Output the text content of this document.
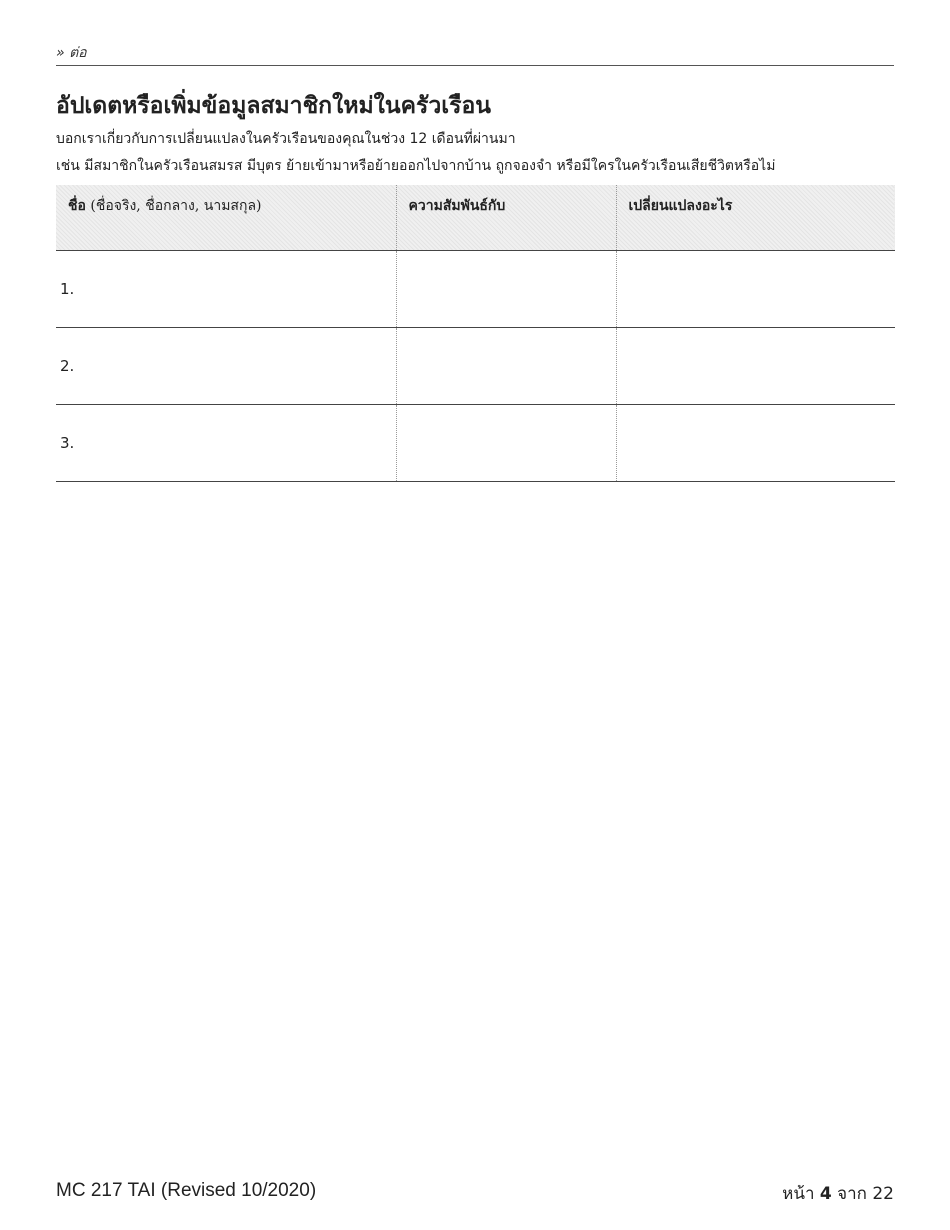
» ต่อ
อัปเดตหรือเพิ่มข้อมูลสมาชิกใหม่ในครัวเรือน
บอกเราเกี่ยวกับการเปลี่ยนแปลงในครัวเรือนของคุณในช่วง 12 เดือนที่ผ่านมา
เช่น มีสมาชิกในครัวเรือนสมรส มีบุตร ย้ายเข้ามาหรือย้ายออกไปจากบ้าน ถูกจองจำ หรือมีใครในครัวเรือนเสียชีวิตหรือไม่
ชื่อ (ชื่อจริง, ชื่อกลาง, นามสกุล)	ความสัมพันธ์กับ	เปลี่ยนแปลงอะไร
1.		
2.		
3.		
MC 217 TAI (Revised 10/2020)	หน้า 4 จาก 22
